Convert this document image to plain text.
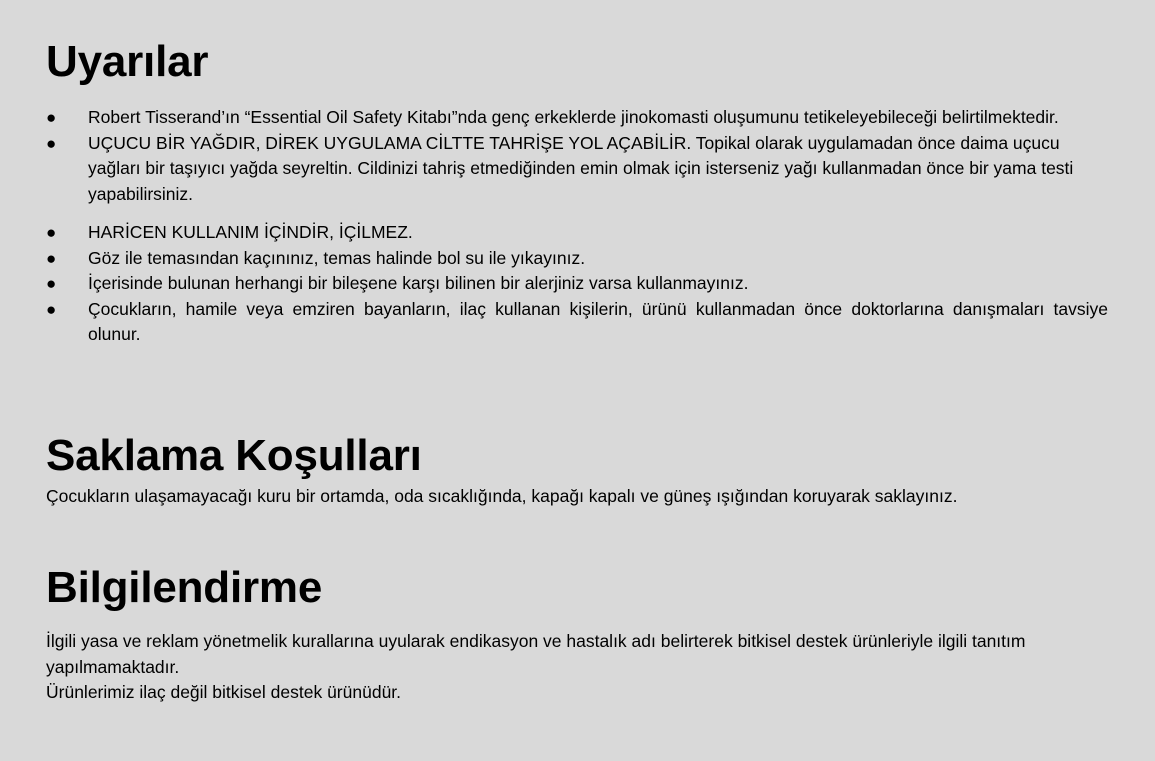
Uyarılar
● Robert Tisserand’ın “Essential Oil Safety Kitabı”nda genç erkeklerde jinokomasti oluşumunu tetikeleyebileceği belirtilmektedir.
● UÇUCU BİR YAĞDIR, DİREK UYGULAMA CİLTTE TAHRİŞE YOL AÇABİLİR. Topikal olarak uygulamadan önce daima uçucu yağları bir taşıyıcı yağda seyreltin. Cildinizi tahriş etmediğinden emin olmak için isterseniz yağı kullanmadan önce bir yama testi yapabilirsiniz.
● HARİCEN KULLANIM İÇİNDİR, İÇİLMEZ.
● Göz ile temasından kaçınınız, temas halinde bol su ile yıkayınız.
● İçerisinde bulunan herhangi bir bileşene karşı bilinen bir alerjiniz varsa kullanmayınız.
● Çocukların, hamile veya emziren bayanların, ilaç kullanan kişilerin, ürünü kullanmadan önce doktorlarına danışmaları tavsiye olunur.
Saklama Koşulları

Çocukların ulaşamayacağı kuru bir ortamda, oda sıcaklığında, kapağı kapalı ve güneş ışığından koruyarak saklayınız.

Bilgilendirme

İlgili yasa ve reklam yönetmelik kurallarına uyularak endikasyon ve hastalık adı belirterek bitkisel destek ürünleriyle ilgili tanıtım yapılmamaktadır.

Ürünlerimiz ilaç değil bitkisel destek ürünüdür.
